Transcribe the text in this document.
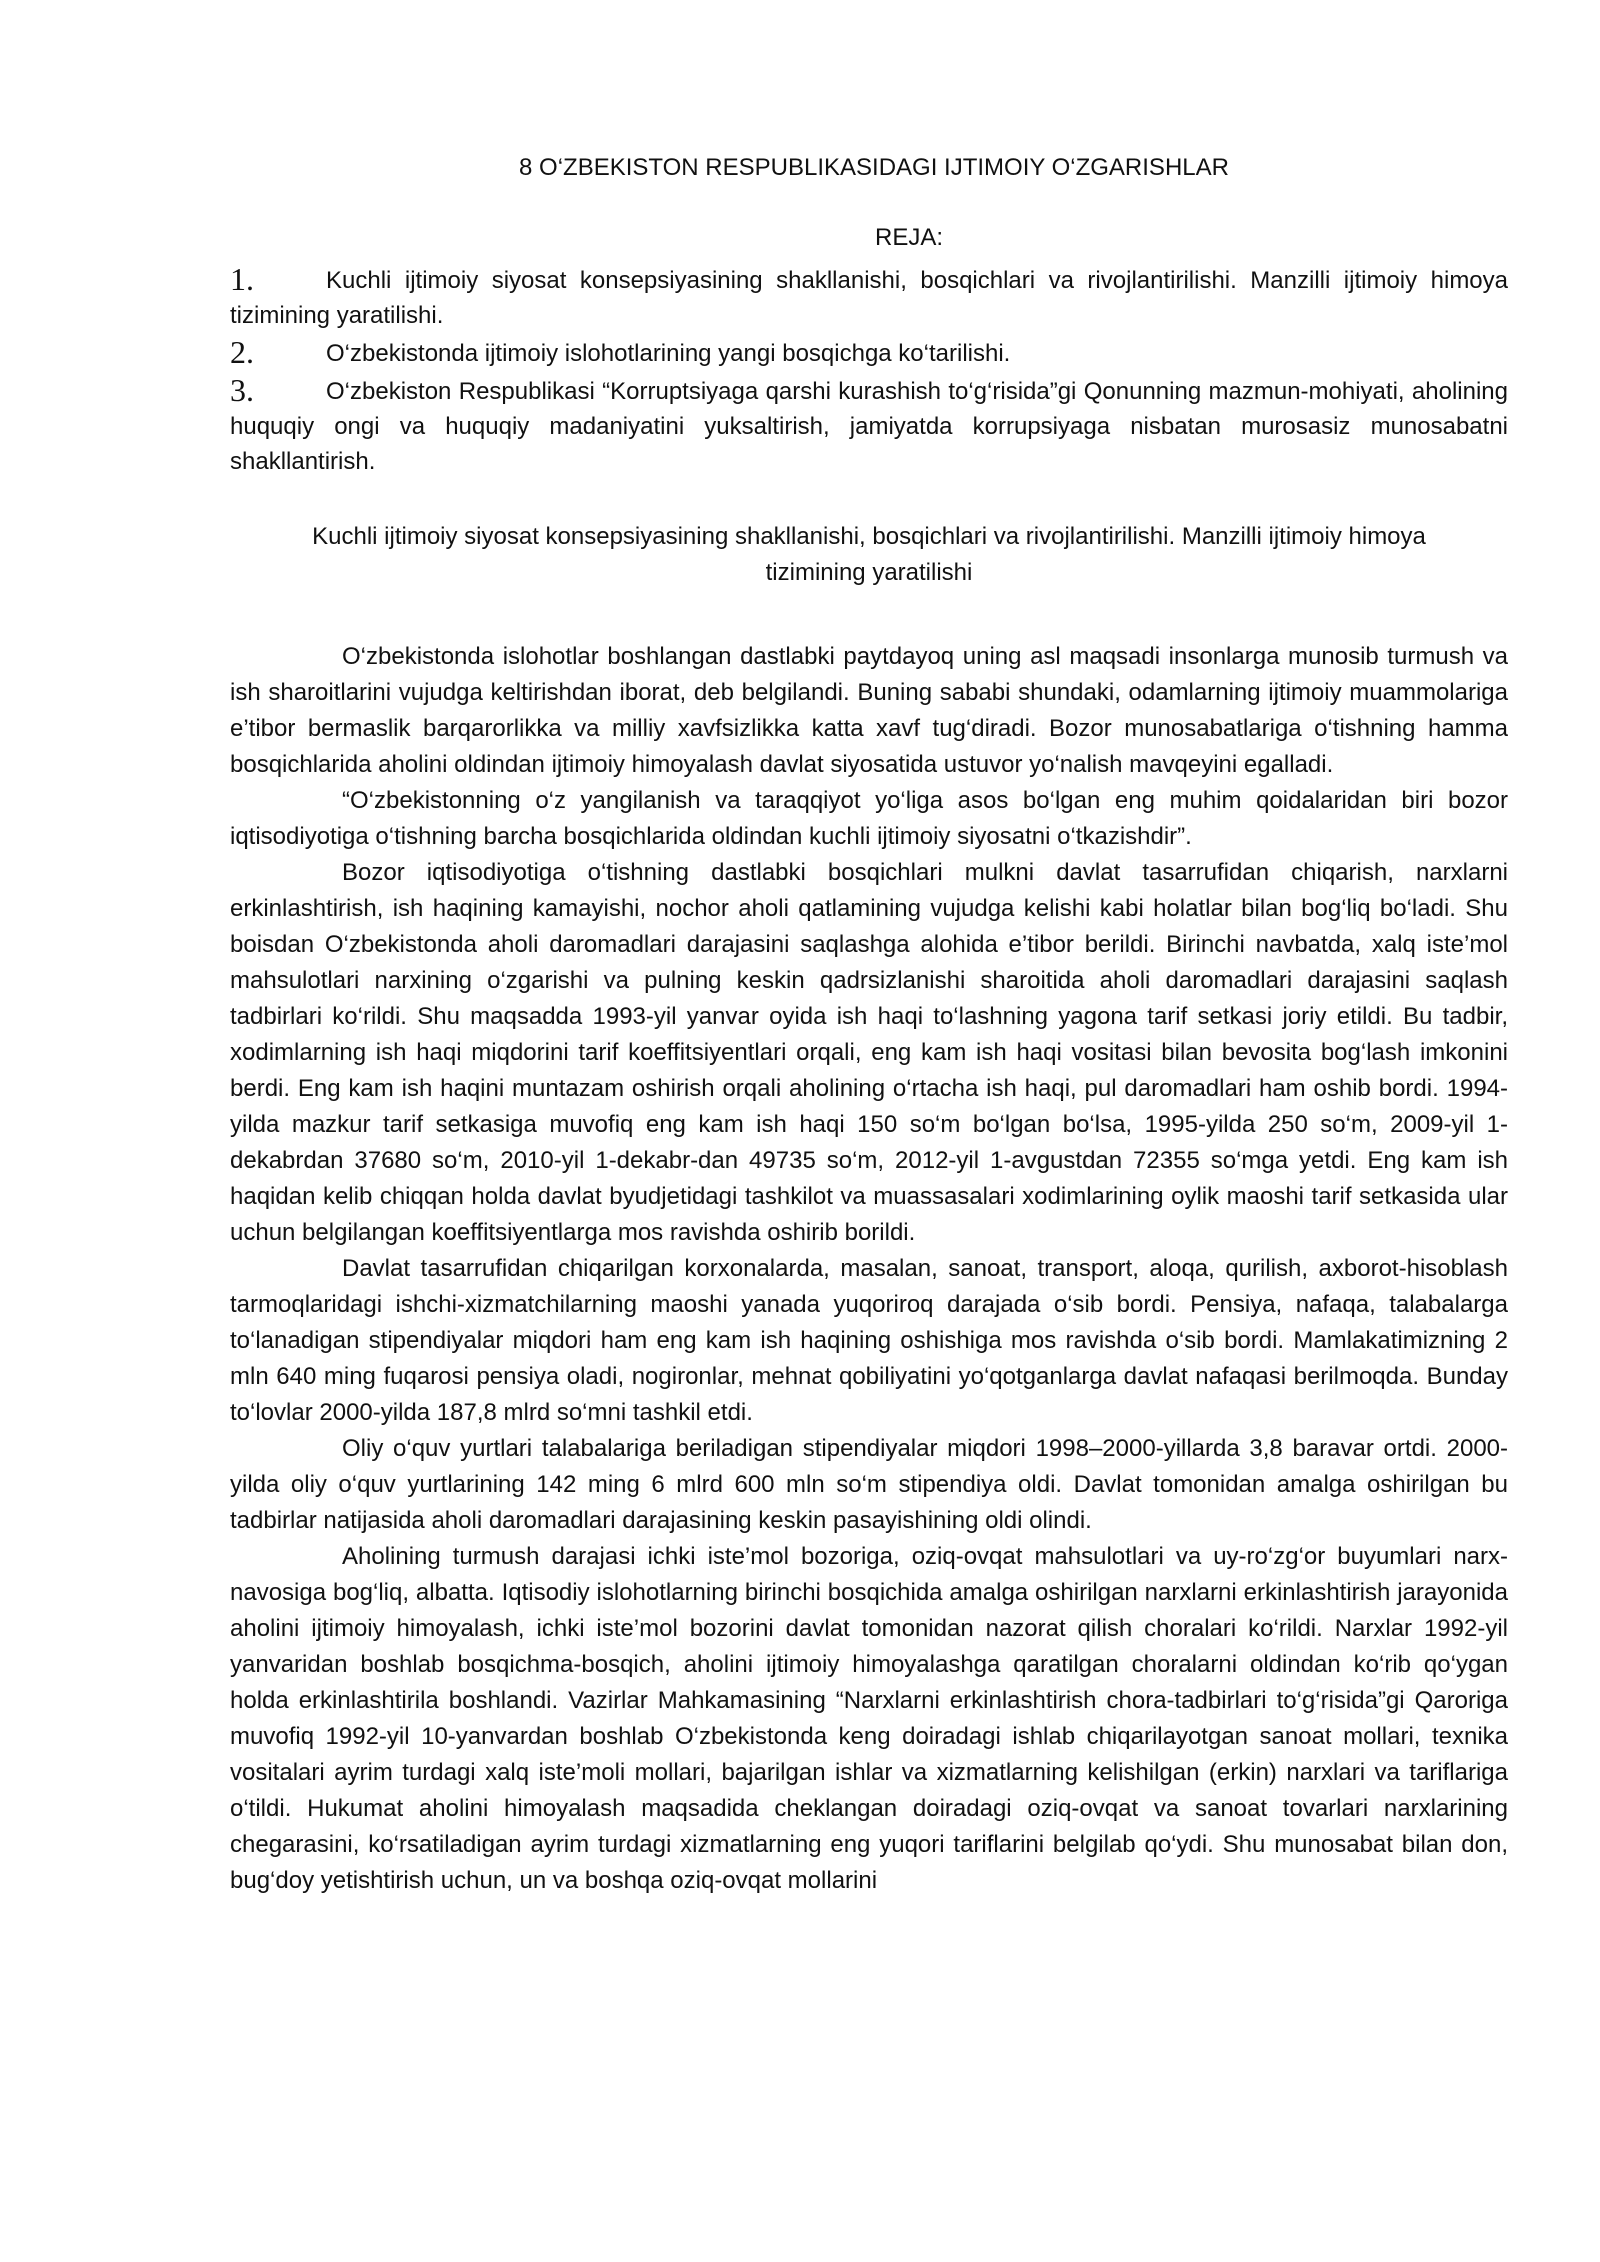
8 O‘ZBEKISTON RESPUBLIKASIDAGI IJTIMOIY O‘ZGARISHLAR
REJA:
1.	Kuchli ijtimoiy siyosat konsepsiyasining shakllanishi, bosqichlari va rivojlantirilishi. Manzilli ijtimoiy himoya tizimining yaratilishi.
2.	O‘zbekistonda ijtimoiy islohotlarining yangi bosqichga ko‘tarilishi.
3.	O‘zbekiston Respublikasi “Korruptsiyaga qarshi kurashish to‘g‘risida”gi Qonunning mazmun-mohiyati, aholining huquqiy ongi va huquqiy madaniyatini yuksaltirish, jamiyatda korrupsiyaga nisbatan murosasiz munosabatni shakllantirish.
Kuchli ijtimoiy siyosat konsepsiyasining shakllanishi, bosqichlari va rivojlantirilishi. Manzilli ijtimoiy himoya tizimining yaratilishi

O‘zbekistonda islohotlar boshlangan dastlabki paytdayoq uning asl maqsadi insonlarga munosib turmush va ish sharoitlarini vujudga keltirishdan iborat, deb belgilandi. Buning sababi shundaki, odamlarning ijtimoiy muammolariga e’tibor bermaslik barqarorlikka va milliy xavfsizlikka katta xavf tug‘diradi. Bozor munosabatlariga o‘tishning hamma bosqichlarida aholini oldindan ijtimoiy himoyalash davlat siyosatida ustuvor yo‘nalish mavqeyini egalladi.

“O‘zbekistonning o‘z yangilanish va taraqqiyot yo‘liga asos bo‘lgan eng muhim qoidalaridan biri bozor iqtisodiyotiga o‘tishning barcha bosqichlarida oldindan kuchli ijtimoiy siyosatni o‘tkazishdir”.

Bozor iqtisodiyotiga o‘tishning dastlabki bosqichlari mulkni davlat tasarrufidan chiqarish, narxlarni erkinlashtirish, ish haqining kamayishi, nochor aholi qatlamining vujudga kelishi kabi holatlar bilan bog‘liq bo‘ladi. Shu boisdan O‘zbekistonda aholi daromadlari darajasini saqlashga alohida e’tibor berildi. Birinchi navbatda, xalq iste’mol mahsulotlari narxining o‘zgarishi va pulning keskin qadrsizlanishi sharoitida aholi daromadlari darajasini saqlash tadbirlari ko‘rildi. Shu maqsadda 1993-yil yanvar oyida ish haqi to‘lashning yagona tarif setkasi joriy etildi. Bu tadbir, xodimlarning ish haqi miqdorini tarif koeffitsiyentlari orqali, eng kam ish haqi vositasi bilan bevosita bog‘lash imkonini berdi. Eng kam ish haqini muntazam oshirish orqali aholining o‘rtacha ish haqi, pul daromadlari ham oshib bordi. 1994-yilda mazkur tarif setkasiga muvofiq eng kam ish haqi 150 so‘m bo‘lgan bo‘lsa, 1995-yilda 250 so‘m, 2009-yil 1-dekabrdan 37680 so‘m, 2010-yil 1-dekabr-dan 49735 so‘m, 2012-yil 1-avgustdan 72355 so‘mga yetdi. Eng kam ish haqidan kelib chiqqan holda davlat byudjetidagi tashkilot va muassasalari xodimlarining oylik maoshi tarif setkasida ular uchun belgilangan koeffitsiyentlarga mos ravishda oshirib borildi.

Davlat tasarrufidan chiqarilgan korxonalarda, masalan, sanoat, transport, aloqa, qurilish, axborot-hisoblash tarmoqlaridagi ishchi-xizmatchilarning maoshi yanada yuqoriroq darajada o‘sib bordi. Pensiya, nafaqa, talabalarga to‘lanadigan stipendiyalar miqdori ham eng kam ish haqining oshishiga mos ravishda o‘sib bordi. Mamlakatimizning 2 mln 640 ming fuqarosi pensiya oladi, nogironlar, mehnat qobiliyatini yo‘qotganlarga davlat nafaqasi berilmoqda. Bunday to‘lovlar 2000-yilda 187,8 mlrd so‘mni tashkil etdi.

Oliy o‘quv yurtlari talabalariga beriladigan stipendiyalar miqdori 1998–2000-yillarda 3,8 baravar ortdi. 2000-yilda oliy o‘quv yurtlarining 142 ming 6 mlrd 600 mln so‘m stipendiya oldi. Davlat tomonidan amalga oshirilgan bu tadbirlar natijasida aholi daromadlari darajasining keskin pasayishining oldi olindi.

Aholining turmush darajasi ichki iste’mol bozoriga, oziq-ovqat mahsulotlari va uy-ro‘zg‘or buyumlari narx-navosiga bog‘liq, albatta. Iqtisodiy islohotlarning birinchi bosqichida amalga oshirilgan narxlarni erkinlashtirish jarayonida aholini ijtimoiy himoyalash, ichki iste’mol bozorini davlat tomonidan nazorat qilish choralari ko‘rildi. Narxlar 1992-yil yanvaridan boshlab bosqichma-bosqich, aholini ijtimoiy himoyalashga qaratilgan choralarni oldindan ko‘rib qo‘ygan holda erkinlashtirila boshlandi. Vazirlar Mahkamasining “Narxlarni erkinlashtirish chora-tadbirlari to‘g‘risida”gi Qaroriga muvofiq 1992-yil 10-yanvardan boshlab O‘zbekistonda keng doiradagi ishlab chiqarilayotgan sanoat mollari, texnika vositalari ayrim turdagi xalq iste’moli mollari, bajarilgan ishlar va xizmatlarning kelishilgan (erkin) narxlari va tariflariga o‘tildi. Hukumat aholini himoyalash maqsadida cheklangan doiradagi oziq-ovqat va sanoat tovarlari narxlarining chegarasini, ko‘rsatiladigan ayrim turdagi xizmatlarning eng yuqori tariflarini belgilab qo‘ydi. Shu munosabat bilan don, bug‘doy yetishtirish uchun, un va boshqa oziq-ovqat mollarini
